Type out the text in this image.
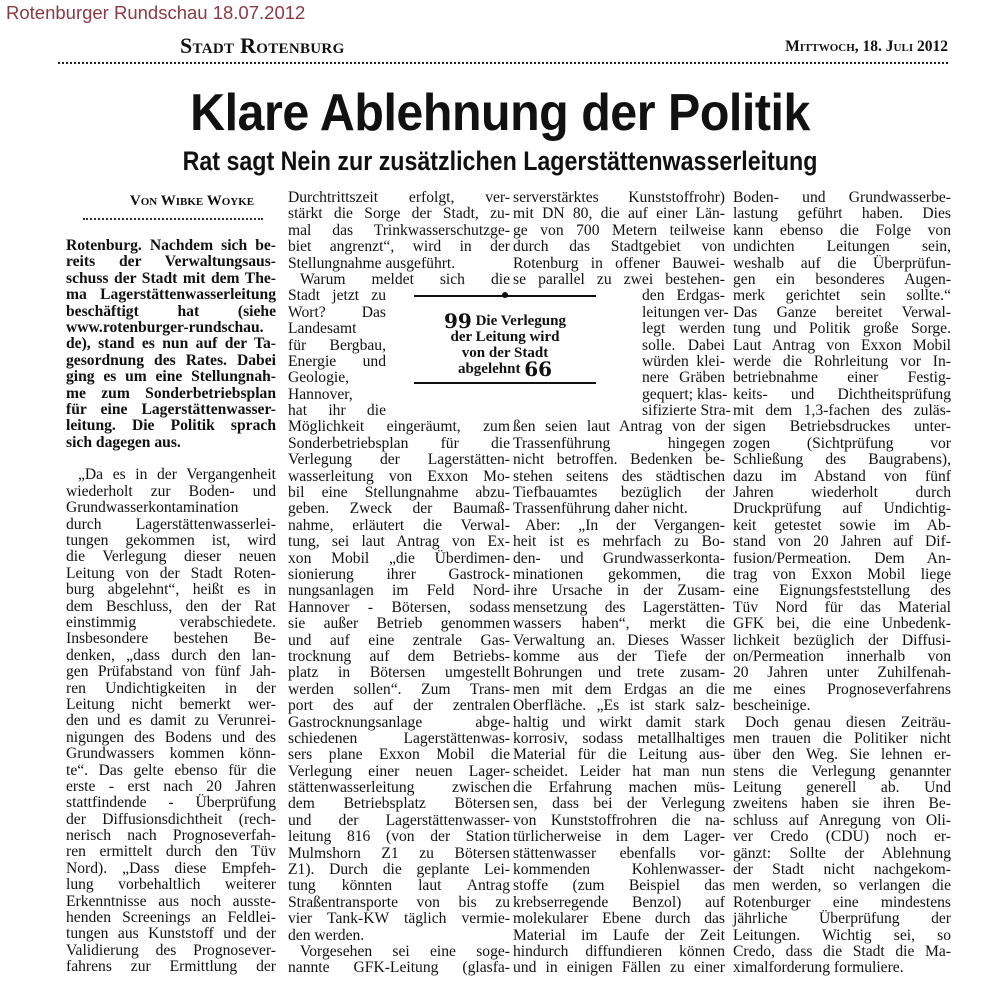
Rotenburger Rundschau 18.07.2012
Stadt Rotenburg	Mittwoch, 18. Juli 2012
Klare Ablehnung der Politik
Rat sagt Nein zur zusätzlichen Lagerstättenwasserleitung
Von Wibke Woyke
Rotenburg. Nachdem sich be-
reits der Verwaltungsaus-
schuss der Stadt mit dem The-
ma Lagerstättenwasserleitung
beschäftigt hat (siehe
www.rotenburger-rundschau.
de), stand es nun auf der Ta-
gesordnung des Rates. Dabei
ging es um eine Stellungnah-
me zum Sonderbetriebsplan
für eine Lagerstättenwasser-
leitung. Die Politik sprach
sich dagegen aus.
„Da es in der Vergangenheit
wiederholt zur Boden- und
Grundwasserkontamination
durch Lagerstättenwasserlei-
tungen gekommen ist, wird
die Verlegung dieser neuen
Leitung von der Stadt Roten-
burg abgelehnt“, heißt es in
dem Beschluss, den der Rat
einstimmig verabschiedete.
Insbesondere bestehen Be-
denken, „dass durch den lan-
gen Prüfabstand von fünf Jah-
ren Undichtigkeiten in der
Leitung nicht bemerkt wer-
den und es damit zu Verunrei-
nigungen des Bodens und des
Grundwassers kommen könn-
te“. Das gelte ebenso für die
erste - erst nach 20 Jahren
stattfindende - Überprüfung
der Diffusionsdichtheit (rech-
nerisch nach Prognoseverfah-
ren ermittelt durch den Tüv
Nord). „Dass diese Empfeh-
lung vorbehaltlich weiterer
Erkenntnisse aus noch ausste-
henden Screenings an Feldlei-
tungen aus Kunststoff und der
Validierung des Prognosever-
fahrens zur Ermittlung der
Durchtrittszeit erfolgt, ver-
stärkt die Sorge der Stadt, zu-
mal das Trinkwasserschutzge-
biet angrenzt“, wird in der
Stellungnahme ausgeführt.
Warum meldet sich die
Stadt jetzt zu
Wort? Das
Landesamt
für Bergbau,
Energie und
Geologie,
Hannover,
hat ihr die
Möglichkeit eingeräumt, zum
Sonderbetriebsplan für die
Verlegung der Lagerstätten-
wasserleitung von Exxon Mo-
bil eine Stellungnahme abzu-
geben. Zweck der Baumaß-
nahme, erläutert die Verwal-
tung, sei laut Antrag von Ex-
xon Mobil „die Überdimen-
sionierung ihrer Gastrock-
nungsanlagen im Feld Nord-
Hannover - Bötersen, sodass
sie außer Betrieb genommen
und auf eine zentrale Gas-
trocknung auf dem Betriebs-
platz in Bötersen umgestellt
werden sollen“. Zum Trans-
port des auf der zentralen
Gastrocknungsanlage abge-
schiedenen Lagerstättenwas-
sers plane Exxon Mobil die
Verlegung einer neuen Lager-
stättenwasserleitung zwischen
dem Betriebsplatz Bötersen
und der Lagerstättenwasser-
leitung 816 (von der Station
Mulmshorn Z1 zu Bötersen
Z1). Durch die geplante Lei-
tung könnten laut Antrag
Straßentransporte von bis zu
vier Tank-KW täglich vermie-
den werden.
Vorgesehen sei eine soge-
nannte GFK-Leitung (glasfa-
serverstärktes Kunststoffrohr)
mit DN 80, die auf einer Län-
ge von 700 Metern teilweise
durch das Stadtgebiet von
Rotenburg in offener Bauwei-
se parallel zu zwei bestehen-
den Erdgas-
leitungen ver-
legt werden
solle. Dabei
würden klei-
nere Gräben
gequert; klas-
sifizierte Stra-
ßen seien laut Antrag von der
Trassenführung hingegen
nicht betroffen. Bedenken be-
stehen seitens des städtischen
Tiefbauamtes bezüglich der
Trassenführung daher nicht.
Aber: „In der Vergangen-
heit ist es mehrfach zu Bo-
den- und Grundwasserkonta-
minationen gekommen, die
ihre Ursache in der Zusam-
mensetzung des Lagerstätten-
wassers haben“, merkt die
Verwaltung an. Dieses Wasser
komme aus der Tiefe der
Bohrungen und trete zusam-
men mit dem Erdgas an die
Oberfläche. „Es ist stark salz-
haltig und wirkt damit stark
korrosiv, sodass metallhaltiges
Material für die Leitung aus-
scheidet. Leider hat man nun
die Erfahrung machen müs-
sen, dass bei der Verlegung
von Kunststoffrohren die na-
türlicherweise in dem Lager-
stättenwasser ebenfalls vor-
kommenden Kohlenwasser-
stoffe (zum Beispiel das
krebserregende Benzol) auf
molekularer Ebene durch das
Material im Laufe der Zeit
hindurch diffundieren können
und in einigen Fällen zu einer
Boden- und Grundwasserbe-
lastung geführt haben. Dies
kann ebenso die Folge von
undichten Leitungen sein,
weshalb auf die Überprüfun-
gen ein besonderes Augen-
merk gerichtet sein sollte.“
Das Ganze bereitet Verwal-
tung und Politik große Sorge.
Laut Antrag von Exxon Mobil
werde die Rohrleitung vor In-
betriebnahme einer Festig-
keits- und Dichtheitsprüfung
mit dem 1,3-fachen des zuläs-
sigen Betriebsdruckes unter-
zogen (Sichtprüfung vor
Schließung des Baugrabens),
dazu im Abstand von fünf
Jahren wiederholt durch
Druckprüfung auf Undichtig-
keit getestet sowie im Ab-
stand von 20 Jahren auf Dif-
fusion/Permeation. Dem An-
trag von Exxon Mobil liege
eine Eignungsfeststellung des
Tüv Nord für das Material
GFK bei, die eine Unbedenk-
lichkeit bezüglich der Diffusi-
on/Permeation innerhalb von
20 Jahren unter Zuhilfenah-
me eines Prognoseverfahrens
bescheinige.
Doch genau diesen Zeiträu-
men trauen die Politiker nicht
über den Weg. Sie lehnen er-
stens die Verlegung genannter
Leitung generell ab. Und
zweitens haben sie ihren Be-
schluss auf Anregung von Oli-
ver Credo (CDU) noch er-
gänzt: Sollte der Ablehnung
der Stadt nicht nachgekom-
men werden, so verlangen die
Rotenburger eine mindestens
jährliche Überprüfung der
Leitungen. Wichtig sei, so
Credo, dass die Stadt die Ma-
ximalforderung formuliere.
99 Die Verlegung
der Leitung wird
von der Stadt
abgelehnt 66
